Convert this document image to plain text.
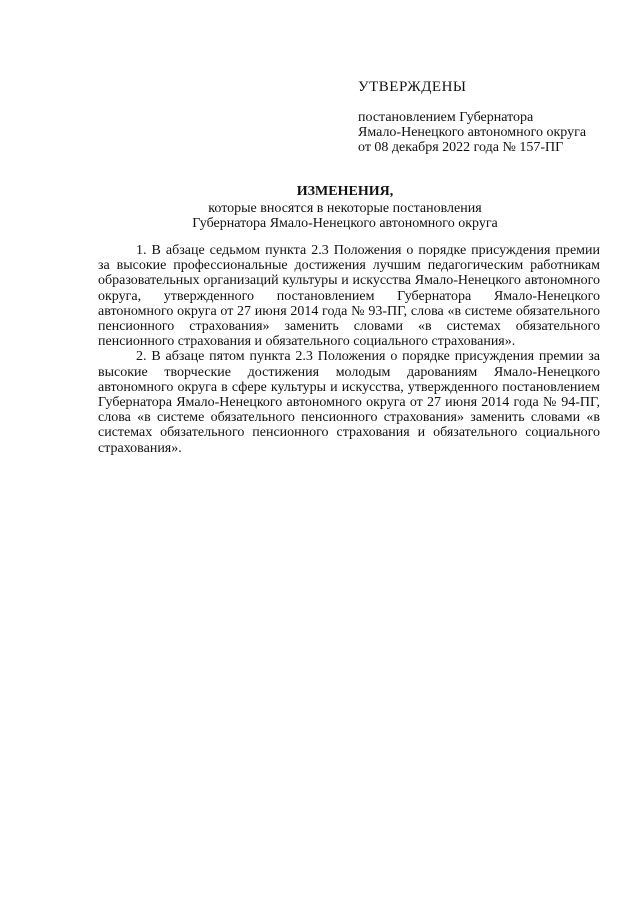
УТВЕРЖДЕНЫ

постановлением Губернатора

Ямало-Ненецкого автономного округа

от 08 декабря 2022 года № 157-ПГ

ИЗМЕНЕНИЯ,

которые вносятся в некоторые постановления

Губернатора Ямало-Ненецкого автономного округа

1. В абзаце седьмом пункта 2.3 Положения о порядке присуждения премии за высокие профессиональные достижения лучшим педагогическим работникам образовательных организаций культуры и искусства Ямало-Ненецкого автономного округа, утвержденного постановлением Губернатора Ямало-Ненецкого автономного округа от 27 июня 2014 года № 93-ПГ, слова «в системе обязательного пенсионного страхования» заменить словами «в системах обязательного пенсионного страхования и обязательного социального страхования».

2. В абзаце пятом пункта 2.3 Положения о порядке присуждения премии за высокие творческие достижения молодым дарованиям Ямало-Ненецкого автономного округа в сфере культуры и искусства, утвержденного постановлением Губернатора Ямало-Ненецкого автономного округа от 27 июня 2014 года № 94-ПГ, слова «в системе обязательного пенсионного страхования» заменить словами «в системах обязательного пенсионного страхования и обязательного социального страхования».
